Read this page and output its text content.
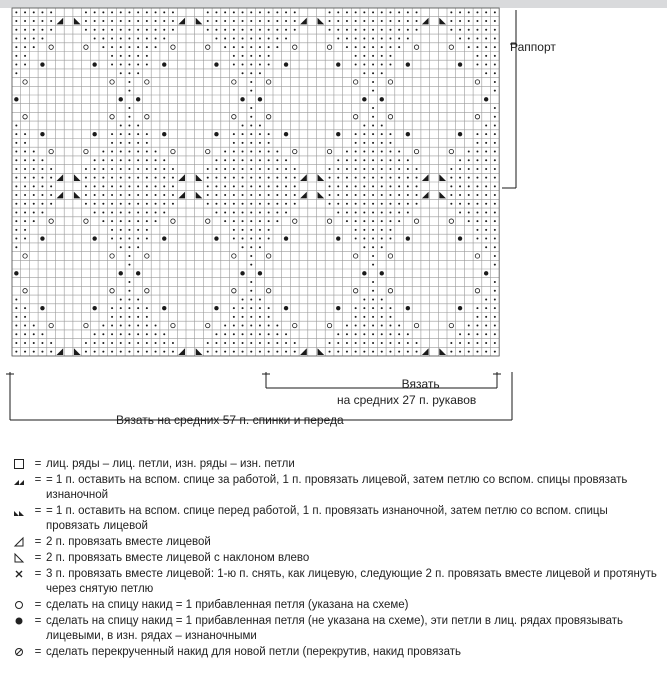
Раппорт
Вязать
на средних 27 п. рукавов
Вязать на средних 57 п. спинки и переда
= лиц. ряды – лиц. петли, изн. ряды – изн. петли
= = 1 п. оставить на вспом. спице за работой, 1 п. провязать лицевой, затем петлю со вспом. спицы провязать изнаночной
= = 1 п. оставить на вспом. спице перед работой, 1 п. провязать изнаночной, затем петлю со вспом. спицы провязать лицевой
= 2 п. провязать вместе лицевой
= 2 п. провязать вместе лицевой с наклоном влево
= 3 п. провязать вместе лицевой: 1-ю п. снять, как лицевую, следующие 2 п. провязать вместе лицевой и протянуть через снятую петлю
= сделать на спицу накид = 1 прибавленная петля (указана на схеме)
= сделать на спицу накид = 1 прибавленная петля (не указана на схеме), эти петли в лиц. рядах провязывать лицевыми, в изн. рядах – изнаночными
= сделать перекрученный накид для новой петли (перекрутив, накид провязать
